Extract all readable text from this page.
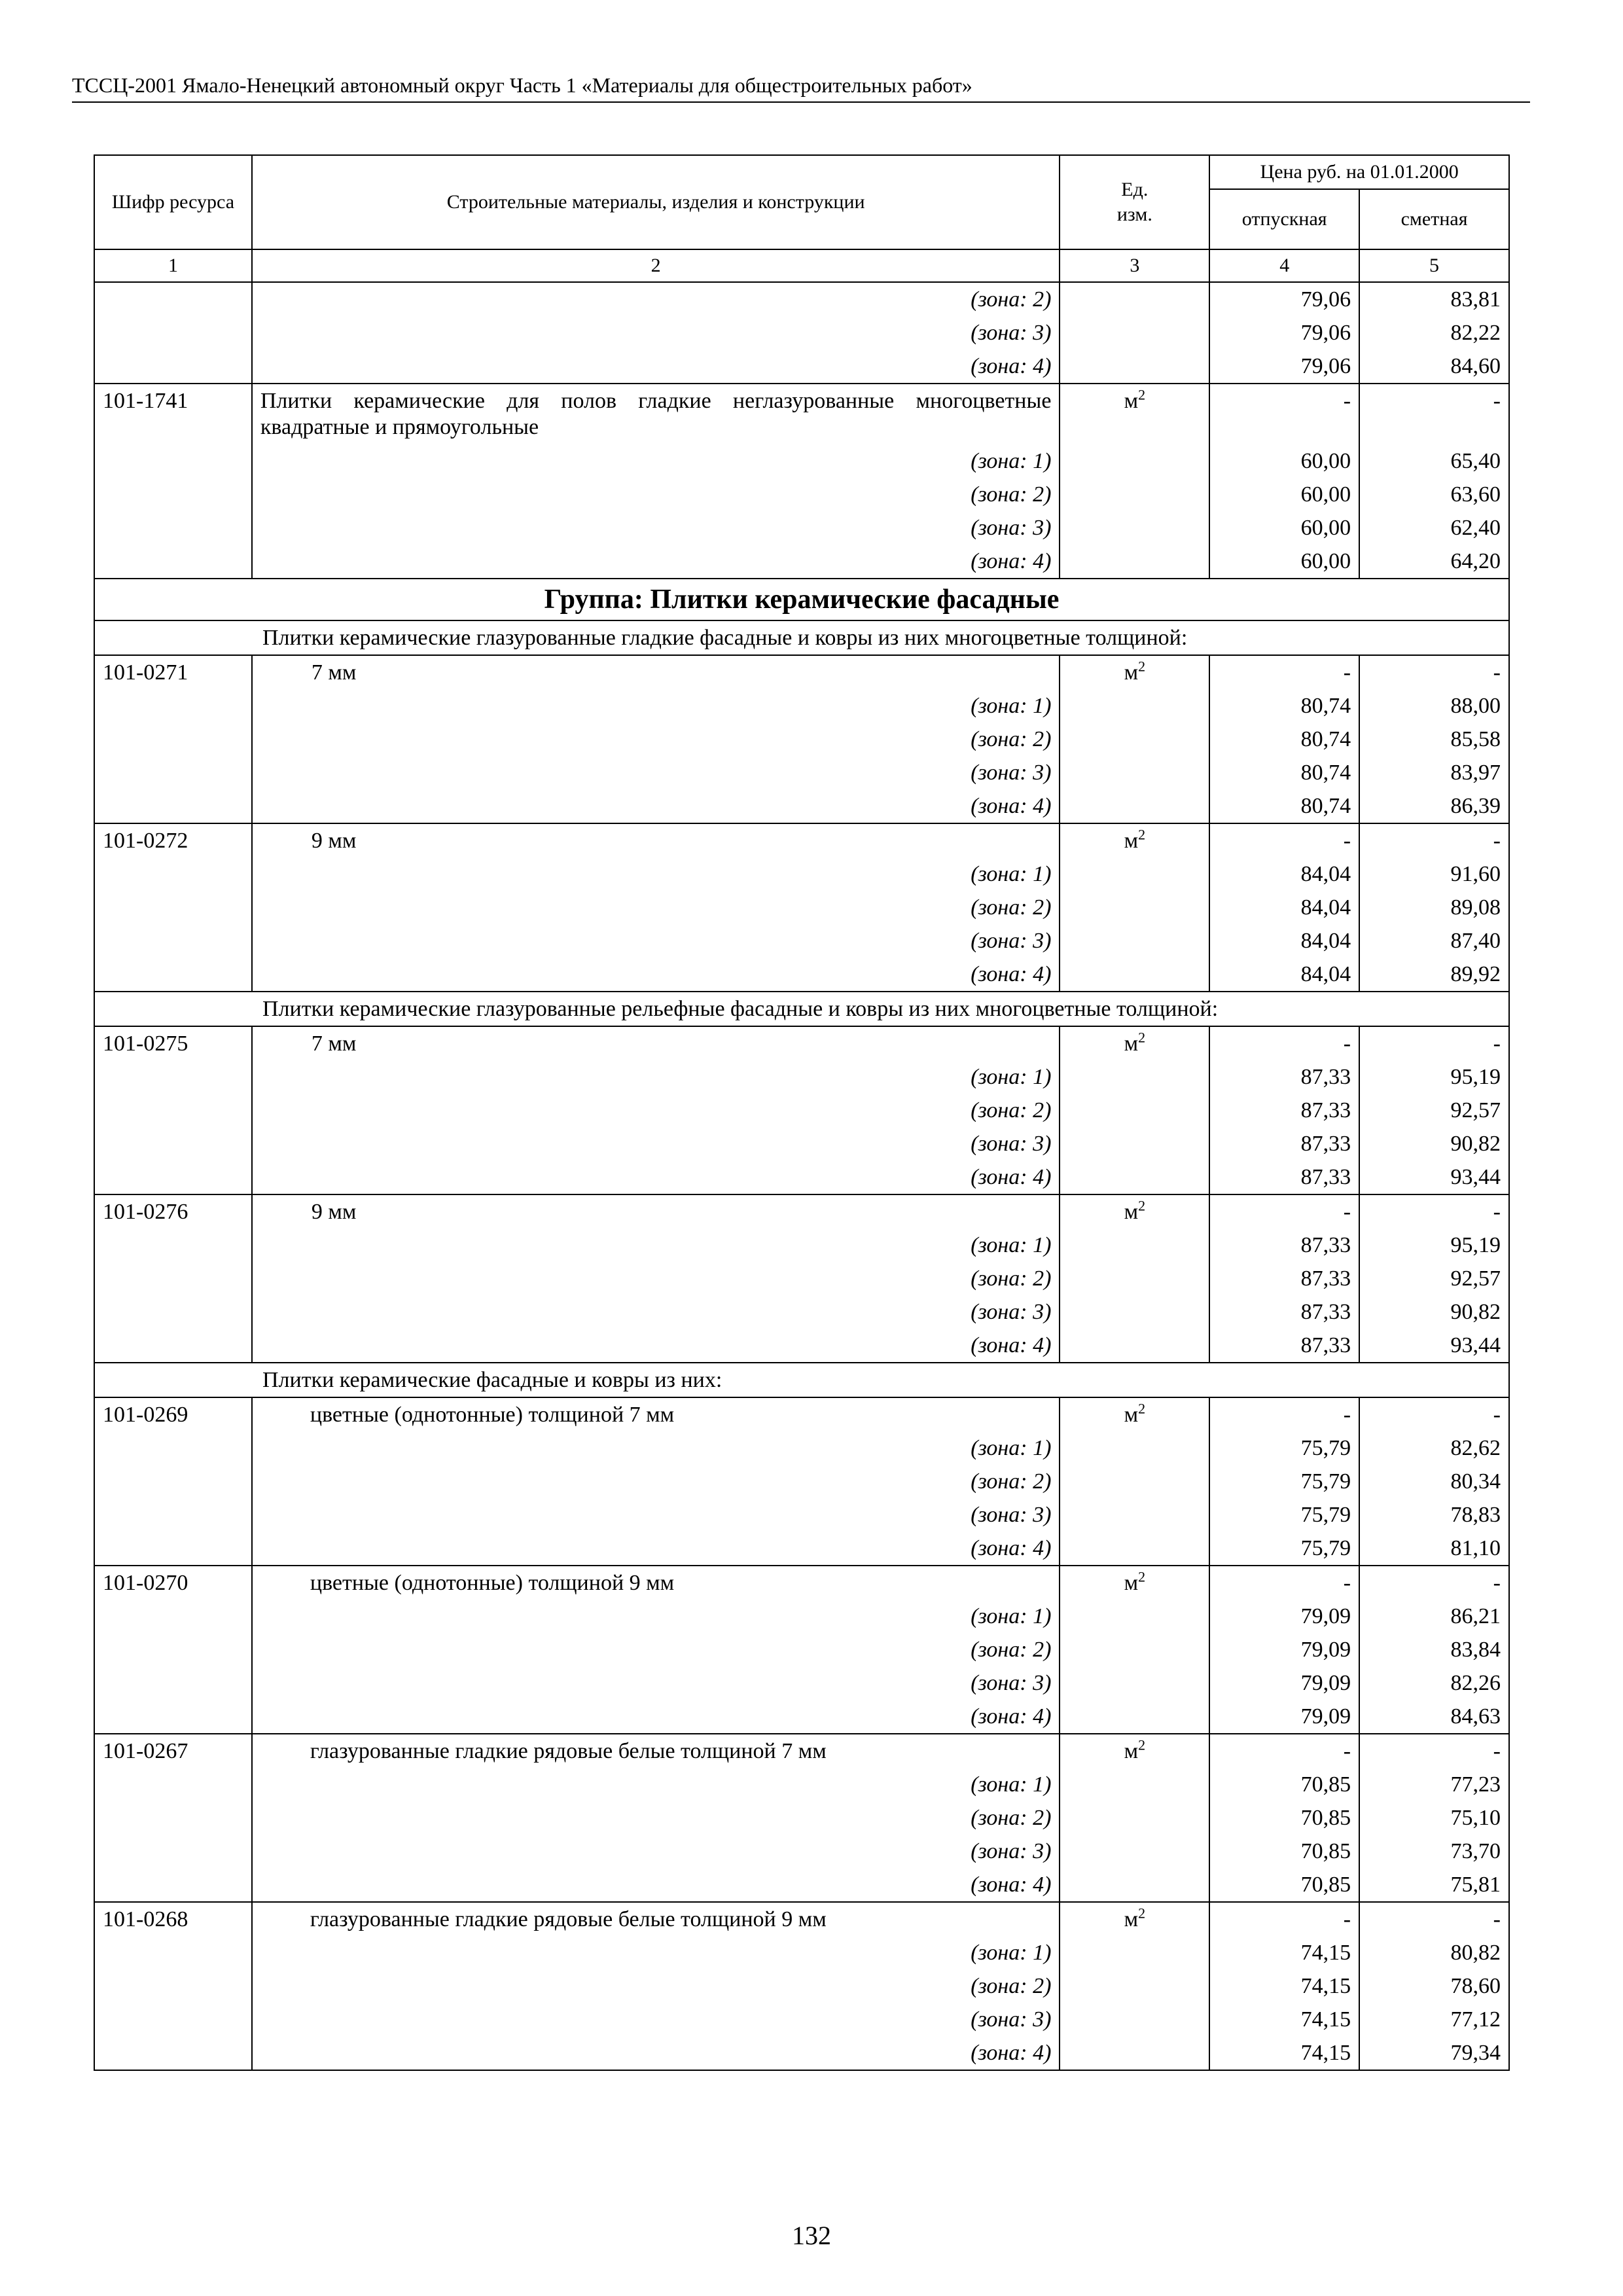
ТССЦ-2001 Ямало-Ненецкий автономный округ Часть 1 «Материалы для общестроительных работ»
Шифр ресурса	Строительные материалы, изделия и конструкции	Ед. изм.	Цена руб. на 01.01.2000	
			отпускная	сметная
1	2	3	4	5
	(зона: 2)		79,06	83,81
	(зона: 3)		79,06	82,22
	(зона: 4)		79,06	84,60
101-1741	Плитки керамические для полов гладкие неглазурованные многоцветные квадратные и прямоугольные	$м^2$	-	-
	(зона: 1)		60,00	65,40
	(зона: 2)		60,00	63,60
	(зона: 3)		60,00	62,40
	(зона: 4)		60,00	64,20
Группа: Плитки керамические фасадные				
Плитки керамические глазурованные гладкие фасадные и ковры из них многоцветные толщиной:				
101-0271	7 мм	$м^2$	-	-
	(зона: 1)		80,74	88,00
	(зона: 2)		80,74	85,58
	(зона: 3)		80,74	83,97
	(зона: 4)		80,74	86,39
101-0272	9 мм	$м^2$	-	-
	(зона: 1)		84,04	91,60
	(зона: 2)		84,04	89,08
	(зона: 3)		84,04	87,40
	(зона: 4)		84,04	89,92
Плитки керамические глазурованные рельефные фасадные и ковры из них многоцветные толщиной:				
101-0275	7 мм	$м^2$	-	-
	(зона: 1)		87,33	95,19
	(зона: 2)		87,33	92,57
	(зона: 3)		87,33	90,82
	(зона: 4)		87,33	93,44
101-0276	9 мм	$м^2$	-	-
	(зона: 1)		87,33	95,19
	(зона: 2)		87,33	92,57
	(зона: 3)		87,33	90,82
	(зона: 4)		87,33	93,44
Плитки керамические фасадные и ковры из них:				
101-0269	цветные (однотонные) толщиной 7 мм	$м^2$	-	-
	(зона: 1)		75,79	82,62
	(зона: 2)		75,79	80,34
	(зона: 3)		75,79	78,83
	(зона: 4)		75,79	81,10
101-0270	цветные (однотонные) толщиной 9 мм	$м^2$	-	-
	(зона: 1)		79,09	86,21
	(зона: 2)		79,09	83,84
	(зона: 3)		79,09	82,26
	(зона: 4)		79,09	84,63
101-0267	глазурованные гладкие рядовые белые толщиной 7 мм	$м^2$	-	-
	(зона: 1)		70,85	77,23
	(зона: 2)		70,85	75,10
	(зона: 3)		70,85	73,70
	(зона: 4)		70,85	75,81
101-0268	глазурованные гладкие рядовые белые толщиной 9 мм	$м^2$	-	-
	(зона: 1)		74,15	80,82
	(зона: 2)		74,15	78,60
	(зона: 3)		74,15	77,12
	(зона: 4)		74,15	79,34
132
